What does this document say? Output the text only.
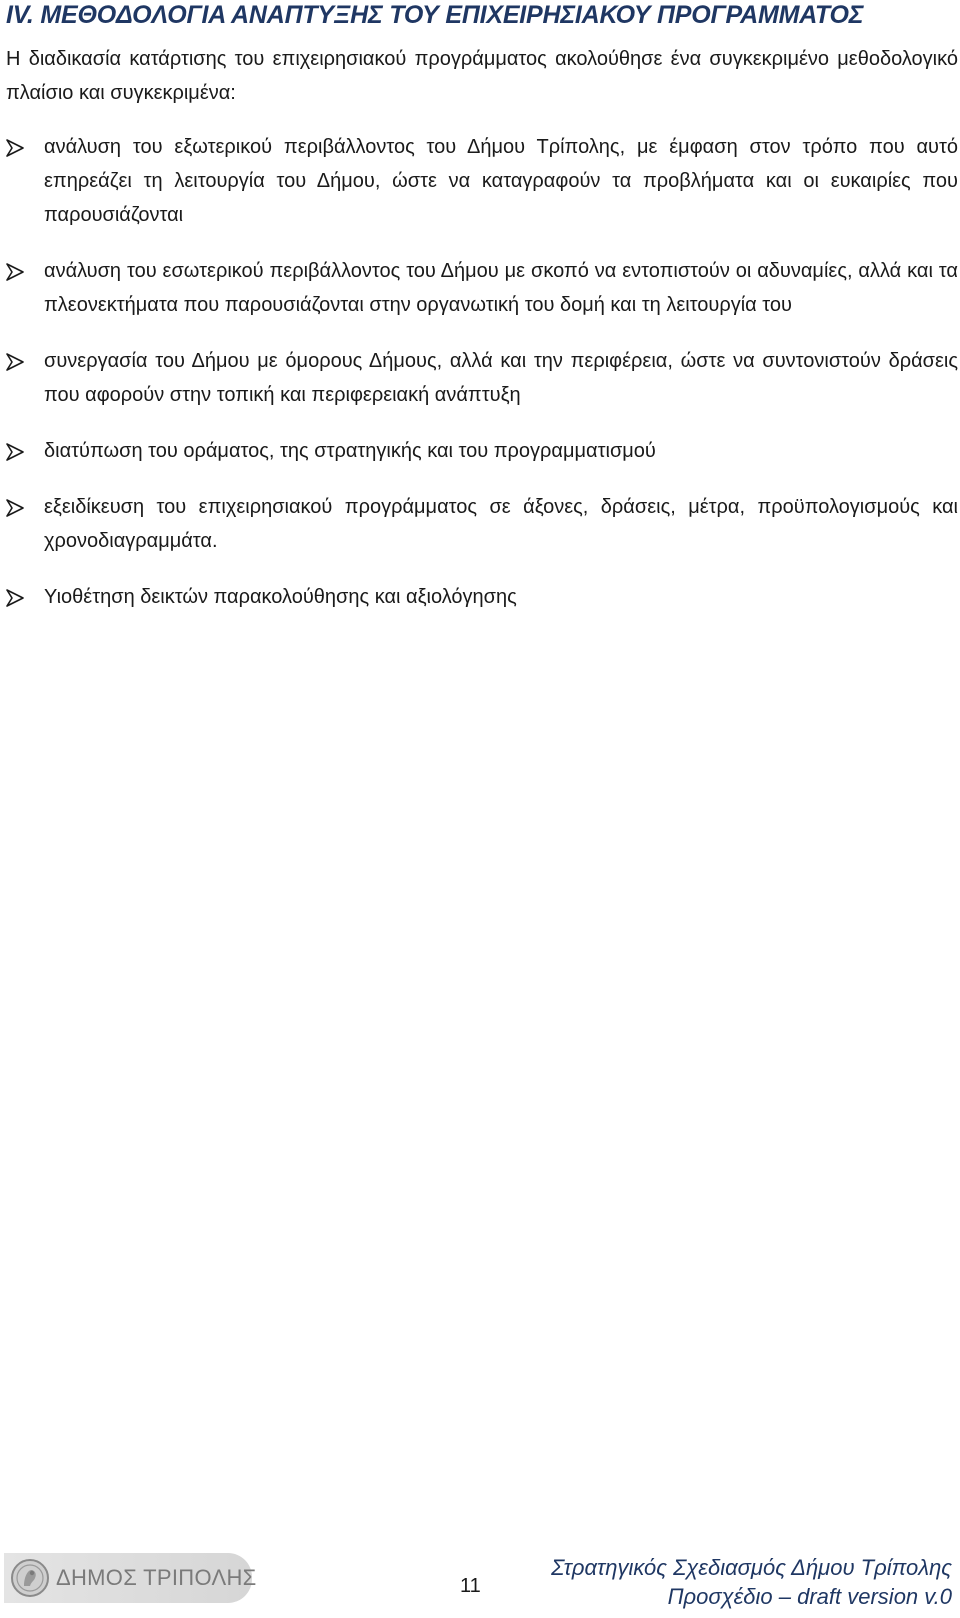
IV. ΜΕΘΟΔΟΛΟΓΙΑ ΑΝΑΠΤΥΞΗΣ ΤΟΥ ΕΠΙΧΕΙΡΗΣΙΑΚΟΥ ΠΡΟΓΡΑΜΜΑΤΟΣ
Η διαδικασία κατάρτισης του επιχειρησιακού προγράμματος ακολούθησε ένα συγκεκριμένο μεθοδολογικό πλαίσιο και συγκεκριμένα:
ανάλυση του εξωτερικού περιβάλλοντος του Δήμου Τρίπολης, με έμφαση στον τρόπο που αυτό επηρεάζει τη λειτουργία του Δήμου, ώστε να καταγραφούν τα προβλήματα και οι ευκαιρίες που παρουσιάζονται
ανάλυση του εσωτερικού περιβάλλοντος του Δήμου με σκοπό να εντοπιστούν οι αδυναμίες, αλλά και τα πλεονεκτήματα που παρουσιάζονται στην οργανωτική του δομή και τη λειτουργία του
συνεργασία του Δήμου με όμορους Δήμους, αλλά και την περιφέρεια, ώστε να συντονιστούν δράσεις που αφορούν στην τοπική και περιφερειακή ανάπτυξη
διατύπωση του οράματος, της στρατηγικής και του προγραμματισμού
εξειδίκευση του επιχειρησιακού προγράμματος σε άξονες, δράσεις, μέτρα, προϋπολογισμούς και χρονοδιαγραμμάτα.
Υιοθέτηση δεικτών παρακολούθησης και αξιολόγησης
ΔΗΜΟΣ ΤΡΙΠΟΛΗΣ	11
Στρατηγικός Σχεδιασμός Δήμου Τρίπολης
Προσχέδιο – draft version v.0
